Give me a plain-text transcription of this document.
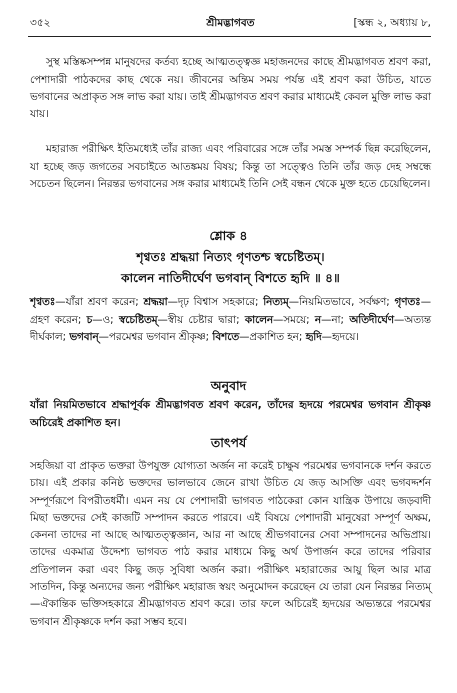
৩৫২	শ্রীমদ্ভাগবত	[স্কন্ধ ২, অধ্যায় ৮,

সুস্থ মস্তিষ্কসম্পন্ন মানুষদের কর্তব্য হচ্ছে আত্মতত্ত্বজ্ঞ মহাজনদের কাছে শ্রীমদ্ভাগবত শ্রবণ করা, পেশাদারী পাঠকদের কাছ থেকে নয়। জীবনের অন্তিম সময় পর্যন্ত এই শ্রবণ করা উচিত, যাতে ভগবানের অপ্রাকৃত সঙ্গ লাভ করা যায়। তাই শ্রীমদ্ভাগবত শ্রবণ করার মাধ্যমেই কেবল মুক্তি লাভ করা যায়।

মহারাজ পরীক্ষিৎ ইতিমধ্যেই তাঁর রাজ্য এবং পরিবারের সঙ্গে তাঁর সমস্ত সম্পর্ক ছিন্ন করেছিলেন, যা হচ্ছে জড় জগতের সবচাইতে আতঙ্কময় বিষয়; কিন্তু তা সত্ত্বেও তিনি তাঁর জড় দেহ সম্বন্ধে সচেতন ছিলেন। নিরন্তর ভগবানের সঙ্গ করার মাধ্যমেই তিনি সেই বন্ধন থেকে মুক্ত হতে চেয়েছিলেন।

শ্লোক ৪
শৃণ্বতঃ শ্রদ্ধয়া নিত্যং গৃণতশ্চ স্বচেষ্টিতম্।
কালেন নাতিদীর্ঘেণ ভগবান্ বিশতে হৃদি ॥ ৪॥
শৃণ্বতঃ—যাঁরা শ্রবণ করেন; শ্রদ্ধয়া—দৃঢ় বিশ্বাস সহকারে; নিত্যম্—নিয়মিতভাবে, সর্বক্ষণ; গৃণতঃ—গ্রহণ করেন; চ—ও; স্বচেষ্টিতম্—স্বীয় চেষ্টার দ্বারা; কালেন—সময়ে; ন—না; অতিদীর্ঘেণ—অত্যন্ত দীর্ঘকাল; ভগবান্—পরমেশ্বর ভগবান শ্রীকৃষ্ণ; বিশতে—প্রকাশিত হন; হৃদি—হৃদয়ে।
অনুবাদ
যাঁরা নিয়মিতভাবে শ্রদ্ধাপূর্বক শ্রীমদ্ভাগবত শ্রবণ করেন, তাঁদের হৃদয়ে পরমেশ্বর ভগবান শ্রীকৃষ্ণ অচিরেই প্রকাশিত হন।
তাৎপর্য
সহজিয়া বা প্রাকৃত ভক্তরা উপযুক্ত যোগ্যতা অর্জন না করেই চাক্ষুষ পরমেশ্বর ভগবানকে দর্শন করতে চায়। এই প্রকার কনিষ্ঠ ভক্তদের ভালভাবে জেনে রাখা উচিত যে জড় আসক্তি এবং ভগবদ্দর্শন সম্পূর্ণরূপে বিপরীতধর্মী। এমন নয় যে পেশাদারী ভাগবত পাঠকেরা কোন যান্ত্রিক উপায়ে জড়বাদী মিছা ভক্তদের সেই কাজটি সম্পাদন করতে পারবে। এই বিষয়ে পেশাদারী মানুষেরা সম্পূর্ণ অক্ষম, কেননা তাদের না আছে আত্মতত্ত্বজ্ঞান, আর না আছে শ্রীভগবানের সেবা সম্পাদনের অভিপ্রায়। তাদের একমাত্র উদ্দেশ্য ভাগবত পাঠ করার মাধ্যমে কিছু অর্থ উপার্জন করে তাদের পরিবার প্রতিপালন করা এবং কিছু জড় সুবিধা অর্জন করা। পরীক্ষিৎ মহারাজের আয়ু ছিল আর মাত্র সাতদিন, কিন্তু অন্যদের জন্য পরীক্ষিৎ মহারাজ স্বয়ং অনুমোদন করেছেন যে তারা যেন নিরন্তর নিত্যম্—ঐকান্তিক ভক্তিসহকারে শ্রীমদ্ভাগবত শ্রবণ করে। তার ফলে অচিরেই হৃদয়ের অভ্যন্তরে পরমেশ্বর ভগবান শ্রীকৃষ্ণকে দর্শন করা সম্ভব হবে।
